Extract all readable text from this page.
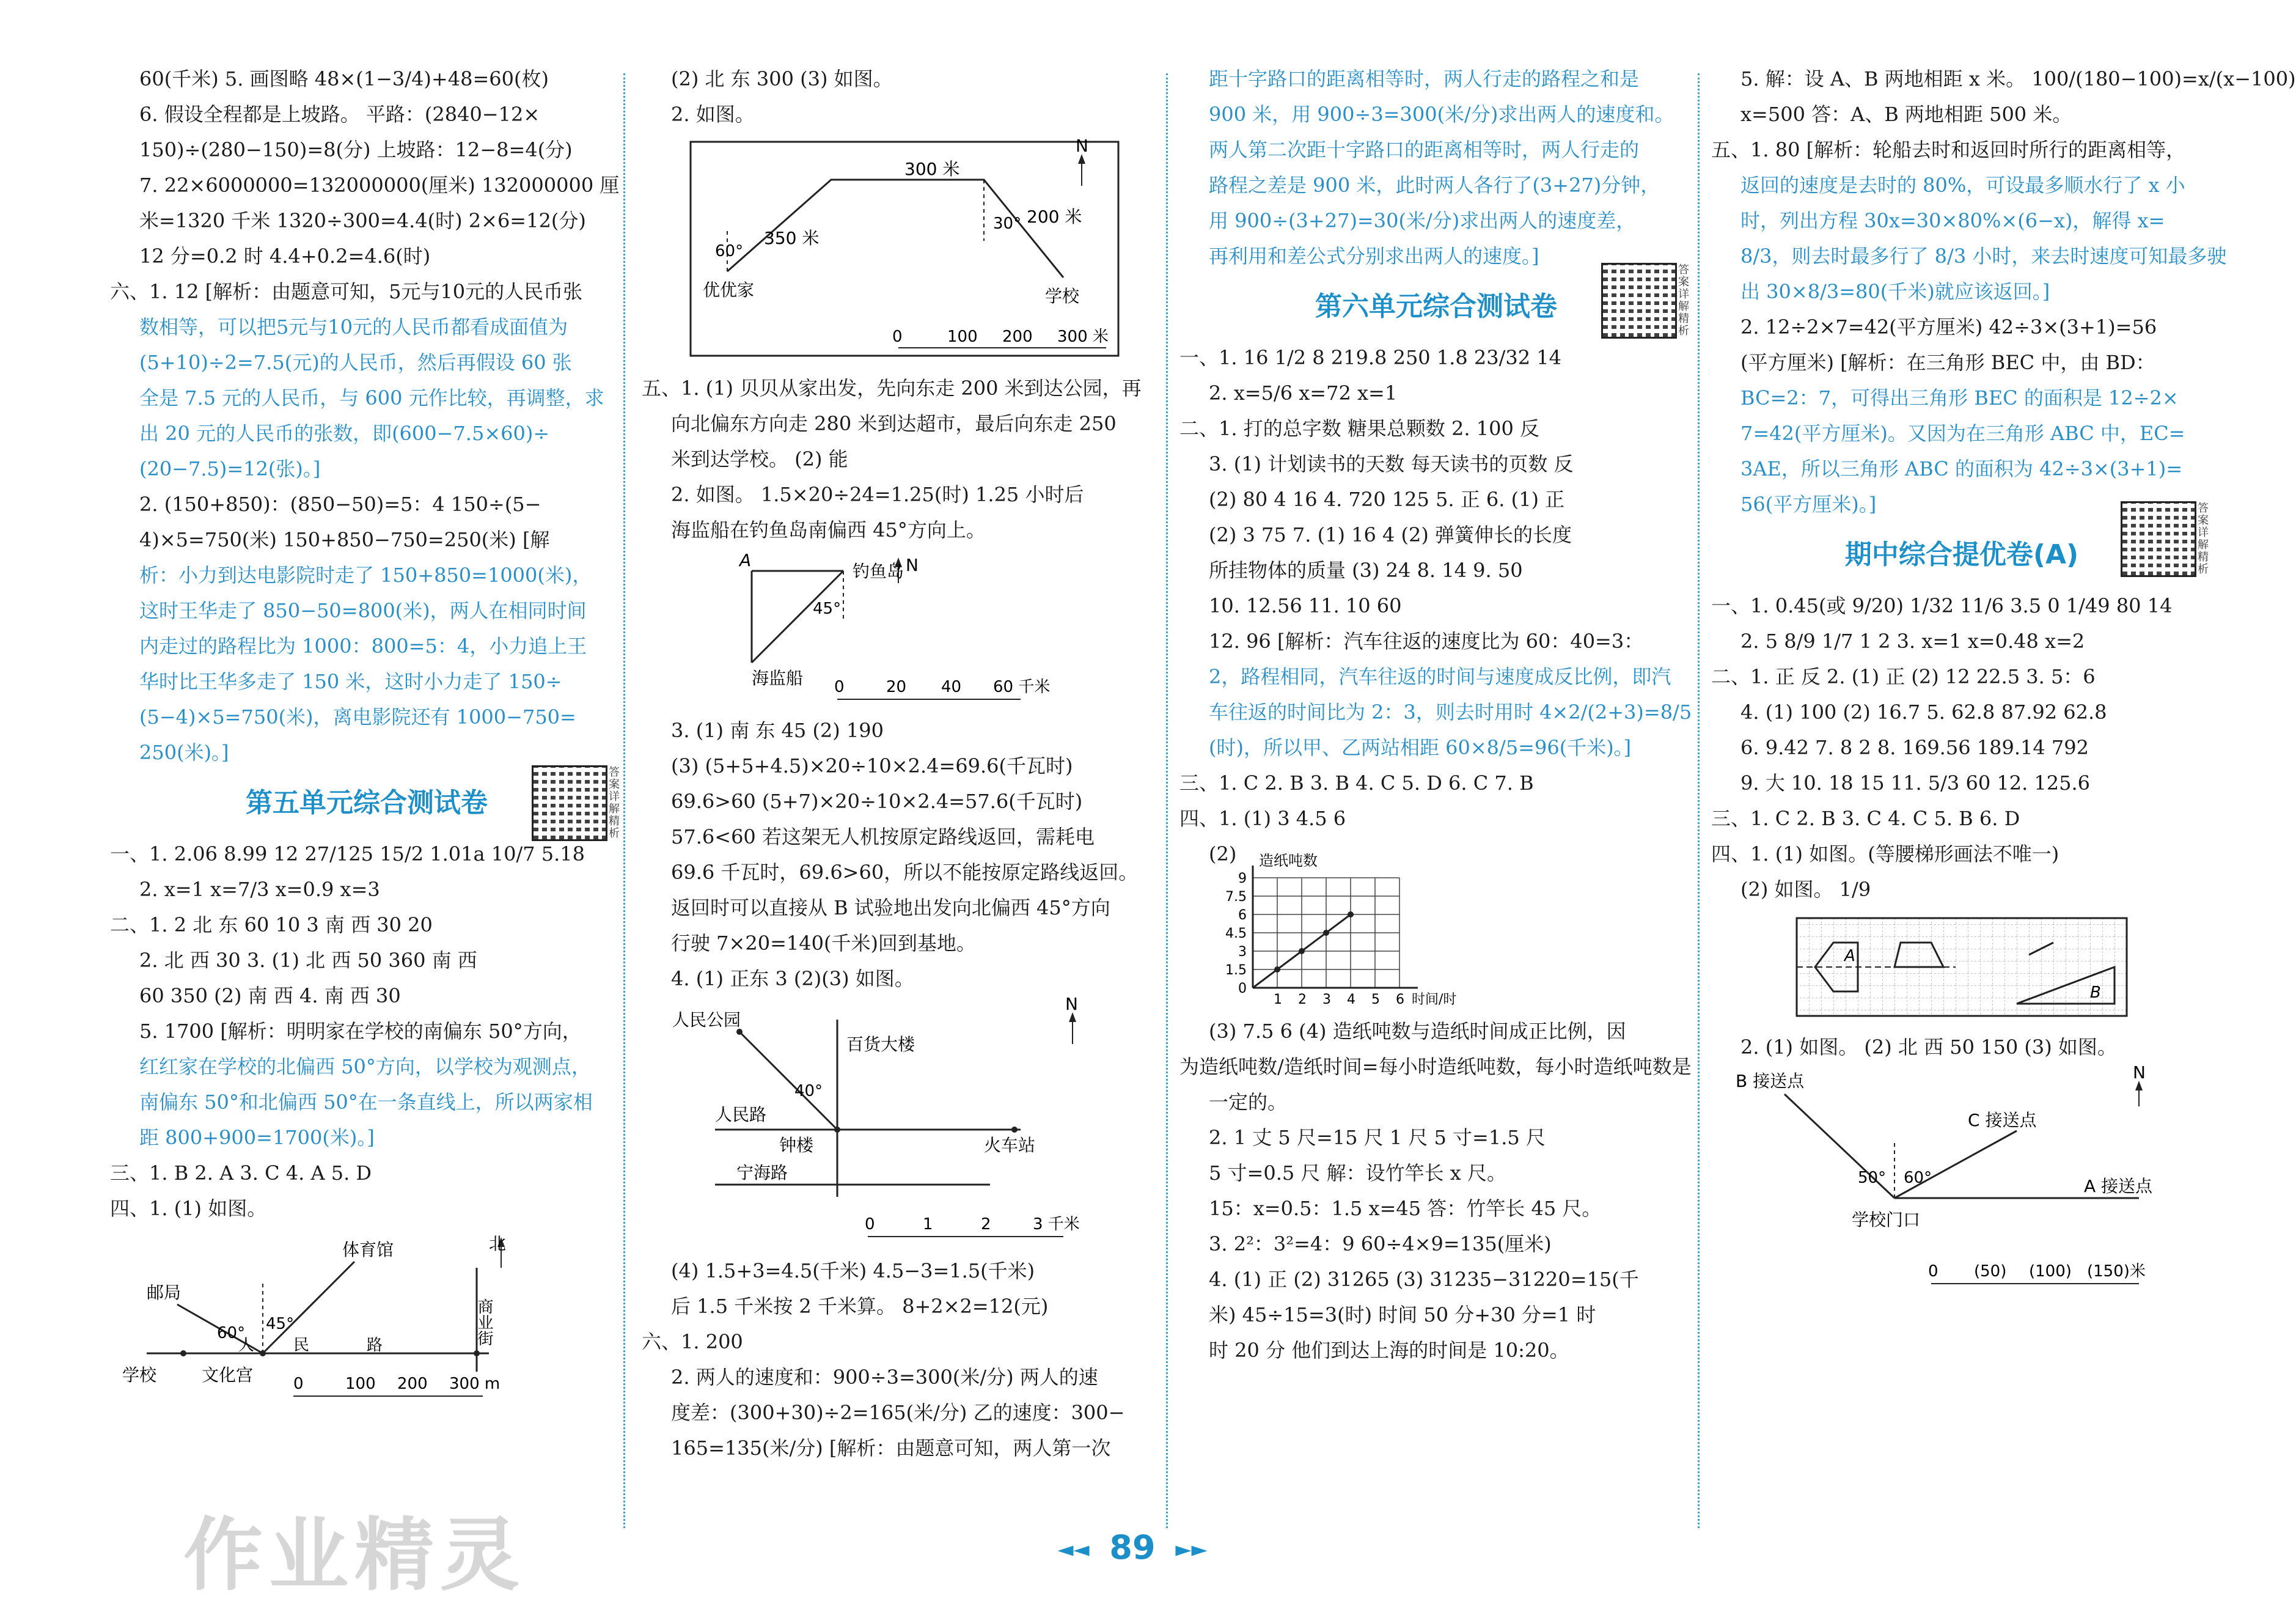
60(千米) 5. 画图略 48×(1−3/4)+48=60(枚)
6. 假设全程都是上坡路。 平路：(2840−12×
150)÷(280−150)=8(分) 上坡路：12−8=4(分)
7. 22×6000000=132000000(厘米) 132000000 厘
米=1320 千米 1320÷300=4.4(时) 2×6=12(分)
12 分=0.2 时 4.4+0.2=4.6(时)
六、1. 12 [解析：由题意可知，5元与10元的人民币张
数相等，可以把5元与10元的人民币都看成面值为
(5+10)÷2=7.5(元)的人民币，然后再假设 60 张
全是 7.5 元的人民币，与 600 元作比较，再调整，求
出 20 元的人民币的张数，即(600−7.5×60)÷
(20−7.5)=12(张)。]
2. (150+850)：(850−50)=5：4 150÷(5−
4)×5=750(米) 150+850−750=250(米) [解
析：小力到达电影院时走了 150+850=1000(米)，
这时王华走了 850−50=800(米)，两人在相同时间
内走过的路程比为 1000：800=5：4，小力追上王
华时比王华多走了 150 米，这时小力走了 150÷
(5−4)×5=750(米)，离电影院还有 1000−750=
250(米)。]
第五单元综合测试卷
答案详解精析
一、1. 2.06 8.99 12 27/125 15/2 1.01a 10/7 5.18
2. x=1 x=7/3 x=0.9 x=3
二、1. 2 北 东 60 10 3 南 西 30 20
2. 北 西 30 3. (1) 北 西 50 360 南 西
60 350 (2) 南 西 4. 南 西 30
5. 1700 [解析：明明家在学校的南偏东 50°方向，
红红家在学校的北偏西 50°方向，以学校为观测点，
南偏东 50°和北偏西 50°在一条直线上，所以两家相
距 800+900=1700(米)。]
三、1. B 2. A 3. C 4. A 5. D
四、1. (1) 如图。
体育馆	北
邮局
60° 45°	商业街
学校	文化宫
人 民	路
0	100 200 300 m
(2) 北 东 300 (3) 如图。
2. 如图。
300 米
N
200 米
60°
350 米
30°
优优家	学校
0	100 200 300 米
五、1. (1) 贝贝从家出发，先向东走 200 米到达公园，再
向北偏东方向走 280 米到达超市，最后向东走 250
米到达学校。 (2) 能
2. 如图。 1.5×20÷24=1.25(时) 1.25 小时后
海监船在钓鱼岛南偏西 45°方向上。
A
钓鱼岛 N
45°
海监船 0	20 40 60 千米
3. (1) 南 东 45 (2) 190
(3) (5+5+4.5)×20÷10×2.4=69.6(千瓦时)
69.6>60 (5+7)×20÷10×2.4=57.6(千瓦时)
57.6<60 若这架无人机按原定路线返回，需耗电
69.6 千瓦时，69.6>60，所以不能按原定路线返回。
返回时可以直接从 B 试验地出发向北偏西 45°方向
行驶 7×20=140(千米)回到基地。
4. (1) 正东 3 (2)(3) 如图。
人民公园
百货大楼
N
40°
人民路
钟楼	火车站
宁海路
0	1	2	3 千米
(4) 1.5+3=4.5(千米) 4.5−3=1.5(千米)
后 1.5 千米按 2 千米算。 8+2×2=12(元)
六、1. 200
2. 两人的速度和：900÷3=300(米/分) 两人的速
度差：(300+30)÷2=165(米/分) 乙的速度：300−
165=135(米/分) [解析：由题意可知，两人第一次
距十字路口的距离相等时，两人行走的路程之和是
900 米，用 900÷3=300(米/分)求出两人的速度和。
两人第二次距十字路口的距离相等时，两人行走的
路程之差是 900 米，此时两人各行了(3+27)分钟，
用 900÷(3+27)=30(米/分)求出两人的速度差，
再利用和差公式分别求出两人的速度。]
第六单元综合测试卷
答案详解精析
一、1. 16 1/2 8 219.8 250 1.8 23/32 14
2. x=5/6 x=72 x=1
二、1. 打的总字数 糖果总颗数 2. 100 反
3. (1) 计划读书的天数 每天读书的页数 反
(2) 80 4 16 4. 720 125 5. 正 6. (1) 正
(2) 3 75 7. (1) 16 4 (2) 弹簧伸长的长度
所挂物体的质量 (3) 24 8. 14 9. 50
10. 12.56 11. 10 60
12. 96 [解析：汽车往返的速度比为 60：40=3：
2，路程相同，汽车往返的时间与速度成反比例，即汽
车往返的时间比为 2：3，则去时用时 4×2/(2+3)=8/5
(时)，所以甲、乙两站相距 60×8/5=96(千米)。]
三、1. C 2. B 3. B 4. C 5. D 6. C 7. B
四、1. (1) 3 4.5 6
(2)	造纸吨数
时间/时
0
1.5
3
4.5
6
7.5
9
1 2 3 4 5 6
(3) 7.5 6 (4) 造纸吨数与造纸时间成正比例，因
为造纸吨数/造纸时间=每小时造纸吨数，每小时造纸吨数是
一定的。
2. 1 丈 5 尺=15 尺 1 尺 5 寸=1.5 尺
5 寸=0.5 尺 解：设竹竿长 x 尺。
15：x=0.5：1.5 x=45 答：竹竿长 45 尺。
3. 2²：3²=4：9 60÷4×9=135(厘米)
4. (1) 正 (2) 31265 (3) 31235−31220=15(千
米) 45÷15=3(时) 时间 50 分+30 分=1 时
时 20 分 他们到达上海的时间是 10:20。
5. 解：设 A、B 两地相距 x 米。 100/(180−100)=x/(x−100)
x=500 答：A、B 两地相距 500 米。
五、1. 80 [解析：轮船去时和返回时所行的距离相等，
返回的速度是去时的 80%，可设最多顺水行了 x 小
时，列出方程 30x=30×80%×(6−x)，解得 x=
8/3，则去时最多行了 8/3 小时，来去时速度可知最多驶
出 30×8/3=80(千米)就应该返回。]
2. 12÷2×7=42(平方厘米) 42÷3×(3+1)=56
(平方厘米) [解析：在三角形 BEC 中，由 BD：
BC=2：7，可得出三角形 BEC 的面积是 12÷2×
7=42(平方厘米)。又因为在三角形 ABC 中，EC=
3AE，所以三角形 ABC 的面积为 42÷3×(3+1)=
56(平方厘米)。]
期中综合提优卷(A)
答案详解精析
一、1. 0.45(或 9/20) 1/32 11/6 3.5 0 1/49 80 14
2. 5 8/9 1/7 1 2 3. x=1 x=0.48 x=2
二、1. 正 反 2. (1) 正 (2) 12 22.5 3. 5：6
4. (1) 100 (2) 16.7 5. 62.8 87.92 62.8
6. 9.42 7. 8 2 8. 169.56 189.14 792
9. 大 10. 18 15 11. 5/3 60 12. 125.6
三、1. C 2. B 3. C 4. C 5. B 6. D
四、1. (1) 如图。(等腰梯形画法不唯一)
(2) 如图。 1/9
A
B
2. (1) 如图。 (2) 北 西 50 150 (3) 如图。
B 接送点	N
C 接送点
50° 60°	A 接送点
学校门口
0 (50) (100) (150)米
作业精灵	◄◄ 89 ►►
